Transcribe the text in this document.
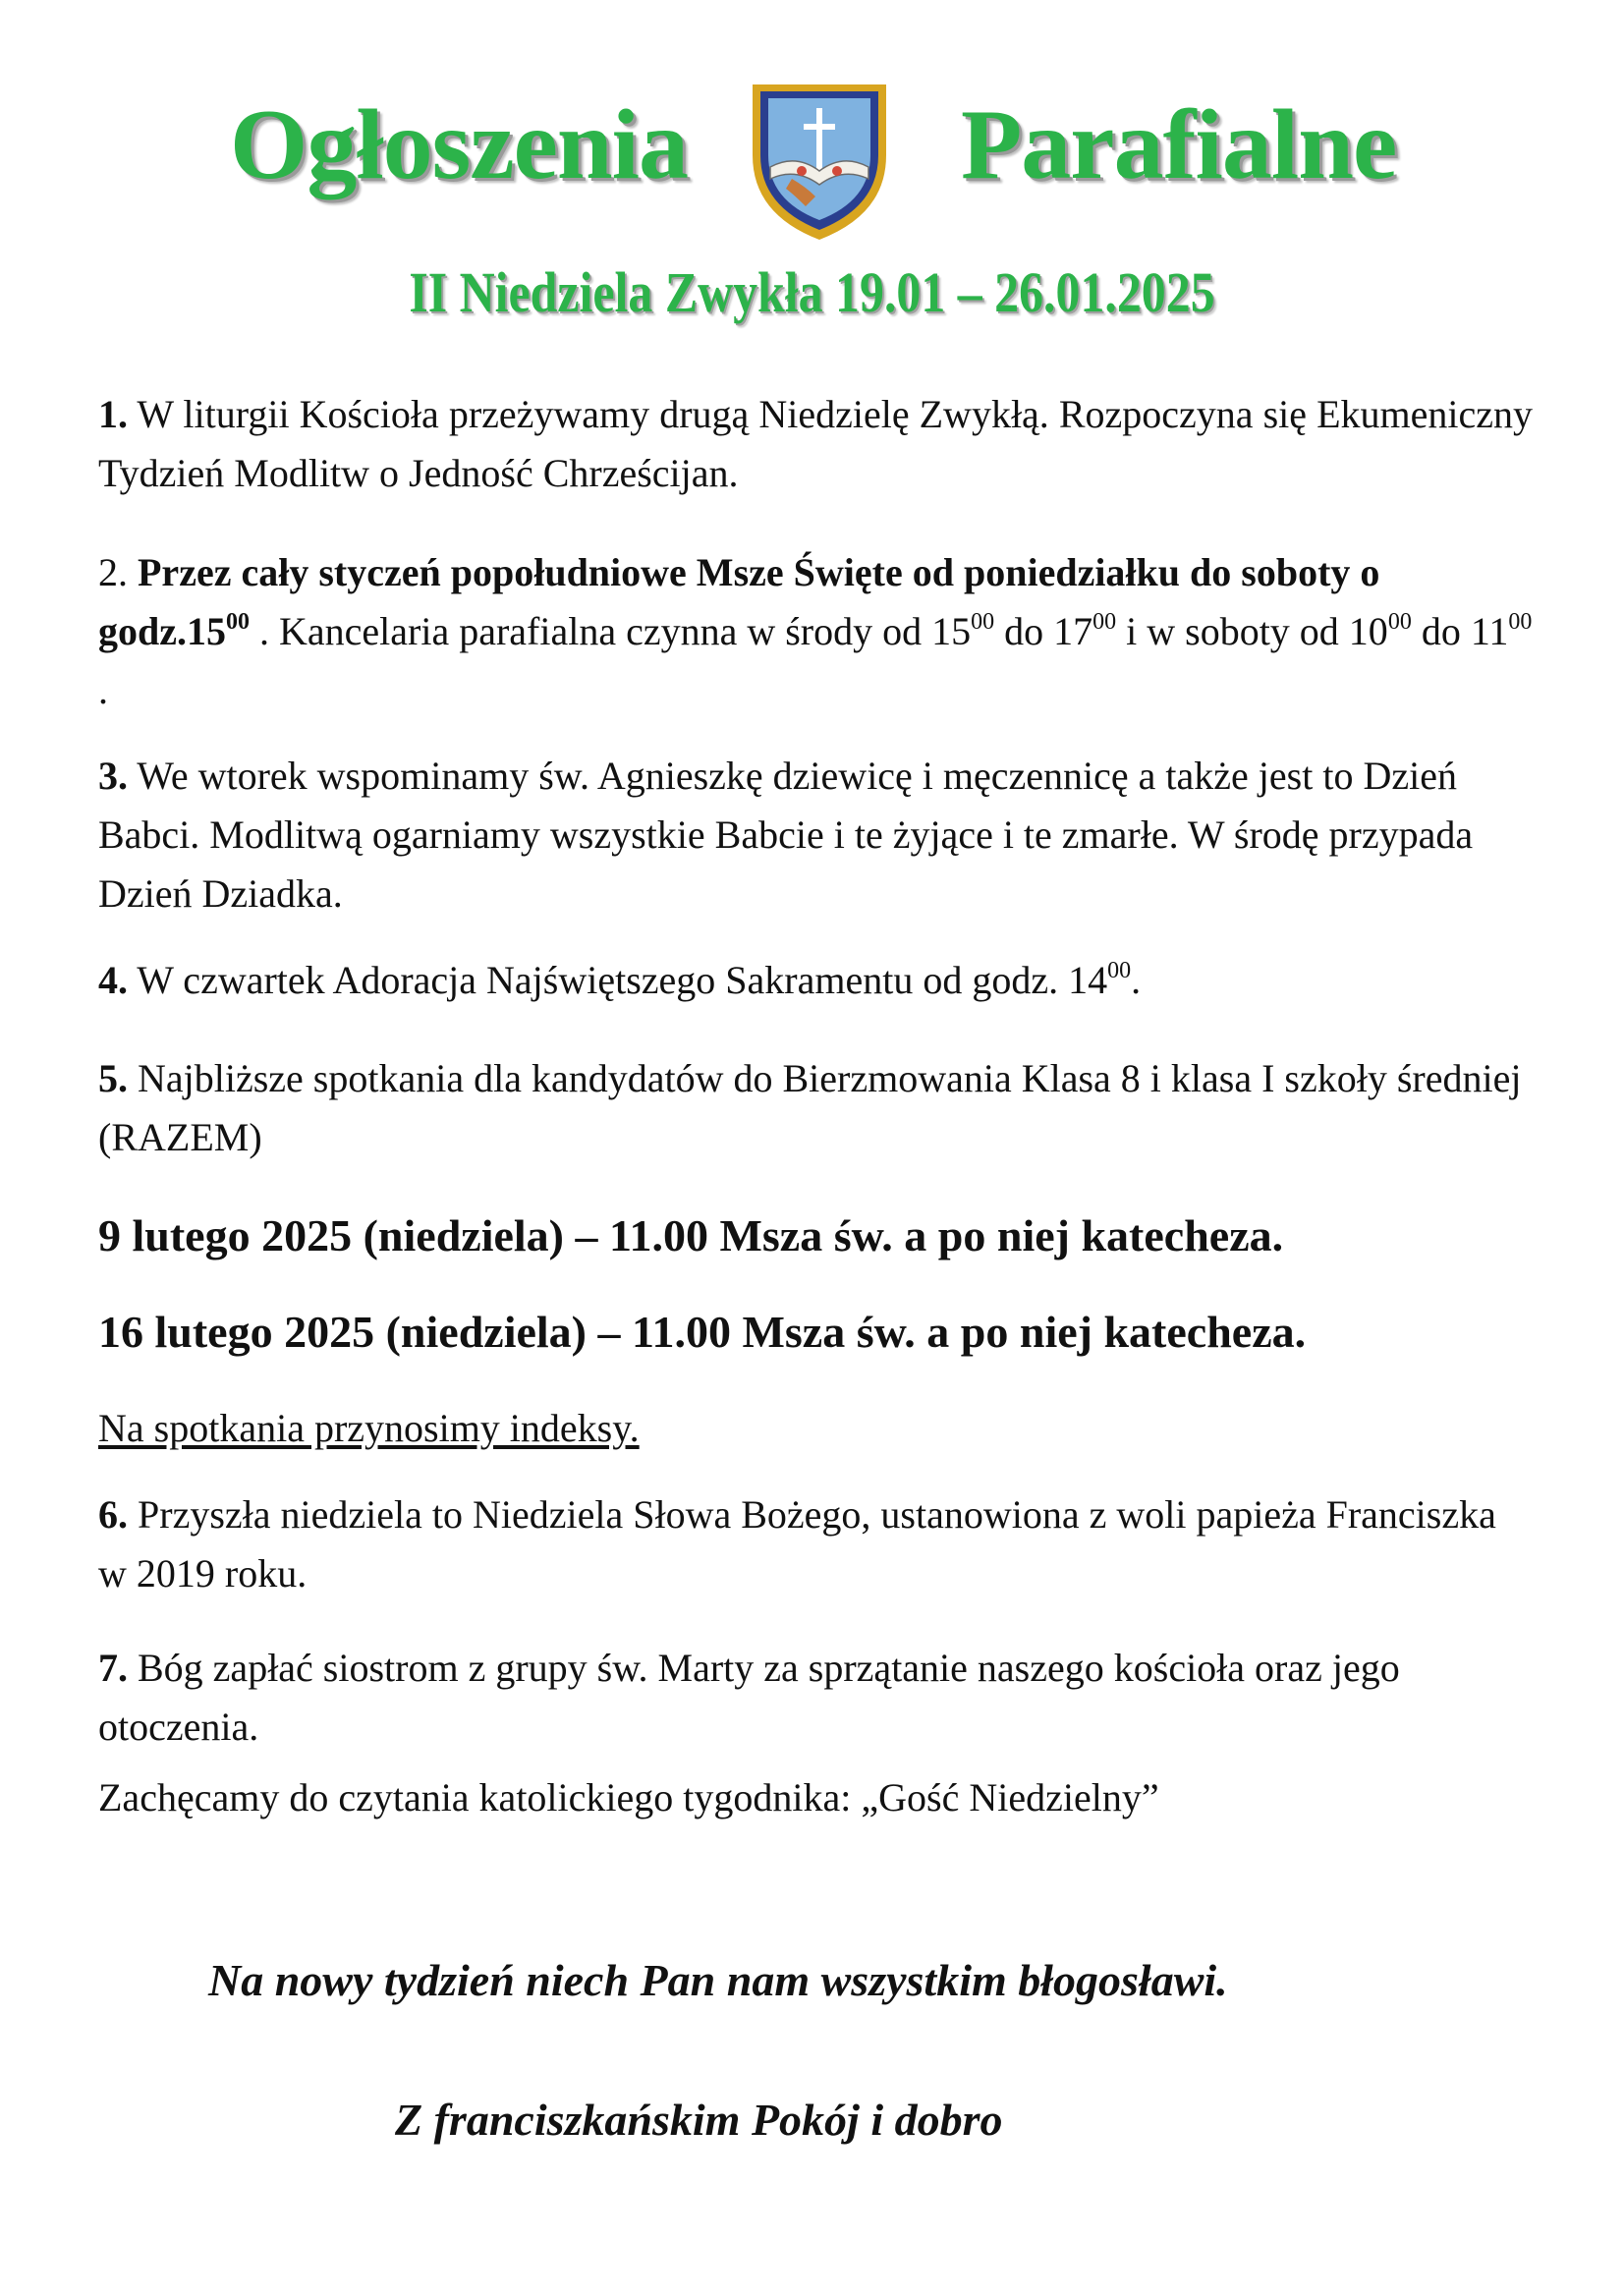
Ogłoszenia	Parafialne
II Niedziela Zwykła 19.01 – 26.01.2025
1. W liturgii Kościoła przeżywamy drugą Niedzielę Zwykłą. Rozpoczyna się Ekumeniczny Tydzień Modlitw o Jedność Chrześcijan.
2. Przez cały styczeń popołudniowe Msze Święte od poniedziałku do soboty o $godz.15^{00}$ . Kancelaria parafialna czynna w środy od $15^{00}$ do $17^{00}$ i w soboty od $10^{00}$ do $11^{00}$ .
3. We wtorek wspominamy św. Agnieszkę dziewicę i męczennicę a także jest to Dzień Babci. Modlitwą ogarniamy wszystkie Babcie i te żyjące i te zmarłe. W środę przypada Dzień Dziadka.
4. W czwartek Adoracja Najświętszego Sakramentu od godz. $14^{00}$.
5. Najbliższe spotkania dla kandydatów do Bierzmowania Klasa 8 i klasa I szkoły średniej (RAZEM)
9 lutego 2025 (niedziela) – 11.00 Msza św. a po niej katecheza.
16 lutego 2025 (niedziela) – 11.00 Msza św. a po niej katecheza.
Na spotkania przynosimy indeksy.
6. Przyszła niedziela to Niedziela Słowa Bożego, ustanowiona z woli papieża Franciszka w 2019 roku.
7. Bóg zapłać siostrom z grupy św. Marty za sprzątanie naszego kościoła oraz jego otoczenia.
Zachęcamy do czytania katolickiego tygodnika: „Gość Niedzielny”
Na nowy tydzień niech Pan nam wszystkim błogosławi.
Z franciszkańskim Pokój i dobro
